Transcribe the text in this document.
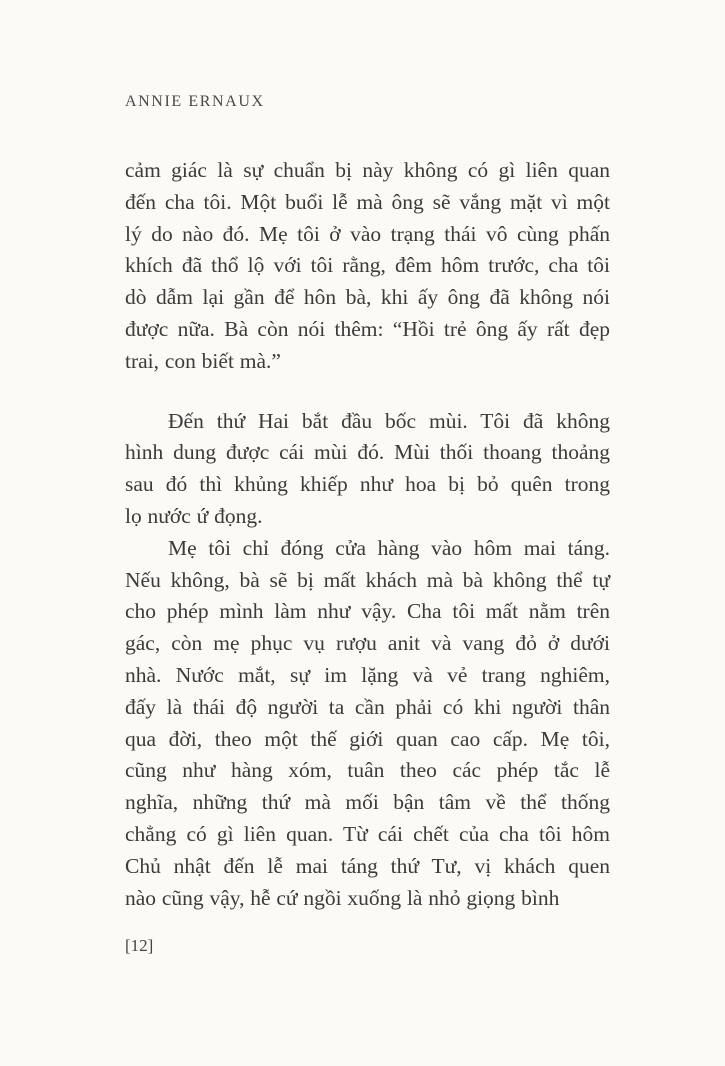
ANNIE ERNAUX
cảm giác là sự chuẩn bị này không có gì liên quan
đến cha tôi. Một buổi lễ mà ông sẽ vắng mặt vì một
lý do nào đó. Mẹ tôi ở vào trạng thái vô cùng phấn
khích đã thổ lộ với tôi rằng, đêm hôm trước, cha tôi
dò dẫm lại gần để hôn bà, khi ấy ông đã không nói
được nữa. Bà còn nói thêm: “Hồi trẻ ông ấy rất đẹp
trai, con biết mà.”
Đến thứ Hai bắt đầu bốc mùi. Tôi đã không
hình dung được cái mùi đó. Mùi thối thoang thoảng
sau đó thì khủng khiếp như hoa bị bỏ quên trong
lọ nước ứ đọng.
Mẹ tôi chỉ đóng cửa hàng vào hôm mai táng.
Nếu không, bà sẽ bị mất khách mà bà không thể tự
cho phép mình làm như vậy. Cha tôi mất nằm trên
gác, còn mẹ phục vụ rượu anit và vang đỏ ở dưới
nhà. Nước mắt, sự im lặng và vẻ trang nghiêm,
đấy là thái độ người ta cần phải có khi người thân
qua đời, theo một thế giới quan cao cấp. Mẹ tôi,
cũng như hàng xóm, tuân theo các phép tắc lễ
nghĩa, những thứ mà mối bận tâm về thể thống
chẳng có gì liên quan. Từ cái chết của cha tôi hôm
Chủ nhật đến lễ mai táng thứ Tư, vị khách quen
nào cũng vậy, hễ cứ ngồi xuống là nhỏ giọng bình
[12]
